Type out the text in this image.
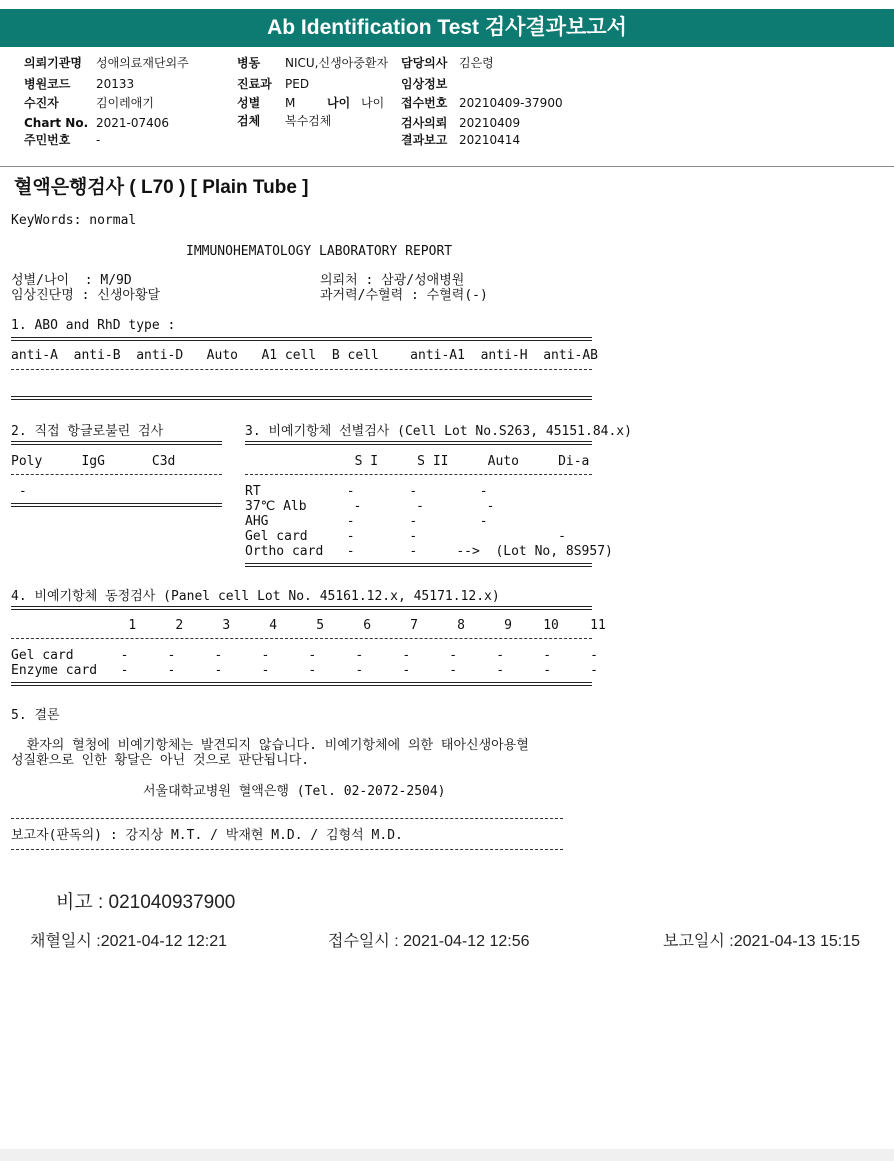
Ab Identification Test 검사결과보고서
의뢰기관명 성애의료재단외주
병원코드 20133
수진자	김이레애기
Chart No. 2021-07406
주민번호 -
병동 NICU,신생아중환자
진료과 PED
성별 M	나이 나이
검체 복수검체
담당의사 김은령
임상정보
접수번호 20210409-37900
검사의뢰 20210409
결과보고 20210414
혈액은행검사 ( L70 ) [ Plain Tube ]
KeyWords: normal
IMMUNOHEMATOLOGY LABORATORY REPORT
성별/나이  : M/9D
임상진단명 : 신생아황달
의뢰처 : 삼광/성애병원
과거력/수혈력 : 수혈력(-)
1. ABO and RhD type :
anti-A  anti-B  anti-D   Auto   A1 cell  B cell    anti-A1  anti-H  anti-AB
2. 직접 항글로불린 검사
Poly     IgG      C3d
-
3. 비예기항체 선별검사 (Cell Lot No.S263, 45151.84.x)
S I     S II     Auto     Di-a
RT           -       -        -
37℃ Alb      -       -        -
AHG          -       -        -
Gel card     -       -                  -
Ortho card   -       -     -->  (Lot No, 8S957)
4. 비예기항체 동정검사 (Panel cell Lot No. 45161.12.x, 45171.12.x)
1     2     3     4     5     6     7     8     9    10    11
Gel card      -     -     -     -     -     -     -     -     -     -     -
Enzyme card   -     -     -     -     -     -     -     -     -     -     -
5. 결론
환자의 혈청에 비예기항체는 발견되지 않습니다. 비예기항체에 의한 태아신생아용혈
성질환으로 인한 황달은 아닌 것으로 판단됩니다.
서울대학교병원 혈액은행 (Tel. 02-2072-2504)
보고자(판독의) : 강지상 M.T. / 박재현 M.D. / 김형석 M.D.
비고 : 021040937900
채혈일시 :2021-04-12 12:21	접수일시 : 2021-04-12 12:56	보고일시 :2021-04-13 15:15
